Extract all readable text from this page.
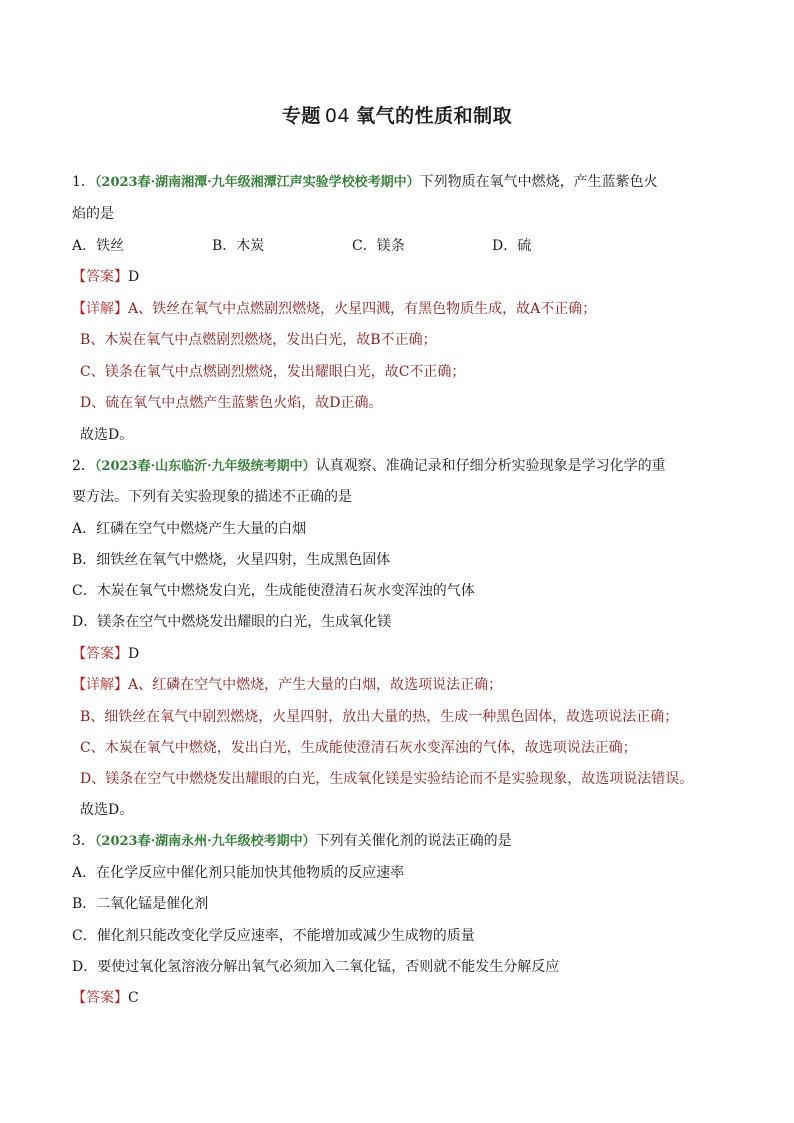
专题 04 氧气的性质和制取
1．（2023春·湖南湘潭·九年级湘潭江声实验学校校考期中）下列物质在氧气中燃烧，产生蓝紫色火
焰的是
A．铁丝	B．木炭	C．镁条	D．硫
【答案】D
【详解】A、铁丝在氧气中点燃剧烈燃烧，火星四溅，有黑色物质生成，故A不正确；
B、木炭在氧气中点燃剧烈燃烧，发出白光，故B不正确；
C、镁条在氧气中点燃剧烈燃烧，发出耀眼白光，故C不正确；
D、硫在氧气中点燃产生蓝紫色火焰，故D正确。
故选D。
2．（2023春·山东临沂·九年级统考期中）认真观察、准确记录和仔细分析实验现象是学习化学的重
要方法。下列有关实验现象的描述不正确的是
A．红磷在空气中燃烧产生大量的白烟
B．细铁丝在氧气中燃烧，火星四射，生成黑色固体
C．木炭在氧气中燃烧发白光，生成能使澄清石灰水变浑浊的气体
D．镁条在空气中燃烧发出耀眼的白光，生成氧化镁
【答案】D
【详解】A、红磷在空气中燃烧，产生大量的白烟，故选项说法正确；
B、细铁丝在氧气中剧烈燃烧，火星四射，放出大量的热，生成一种黑色固体，故选项说法正确；
C、木炭在氧气中燃烧，发出白光，生成能使澄清石灰水变浑浊的气体，故选项说法正确；
D、镁条在空气中燃烧发出耀眼的白光，生成氧化镁是实验结论而不是实验现象，故选项说法错误。
故选D。
3．（2023春·湖南永州·九年级校考期中）下列有关催化剂的说法正确的是
A．在化学反应中催化剂只能加快其他物质的反应速率
B．二氧化锰是催化剂
C．催化剂只能改变化学反应速率，不能增加或减少生成物的质量
D．要使过氧化氢溶液分解出氧气必须加入二氧化锰，否则就不能发生分解反应
【答案】C
